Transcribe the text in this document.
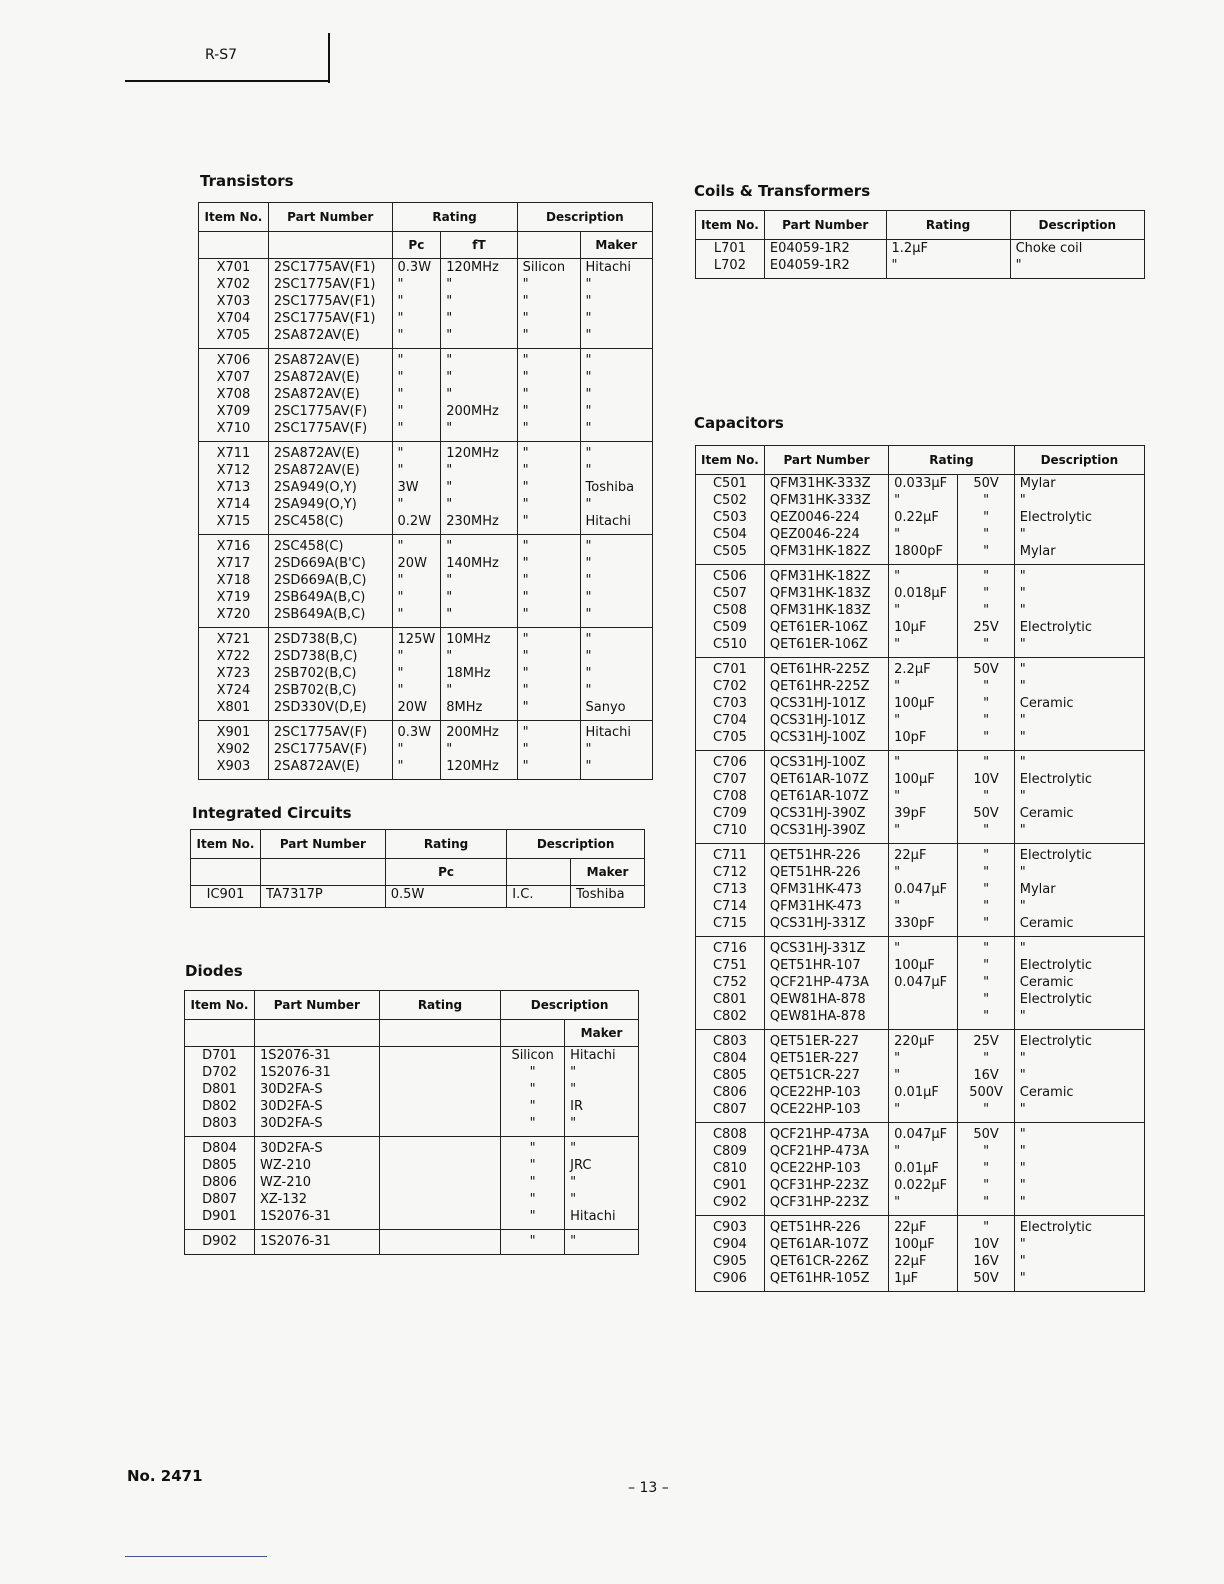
R-S7
Transistors
Item No.	Part Number	Rating		Description	
		Pc	fT		Maker
X701	2SC1775AV(F1)	0.3W	120MHz	Silicon	Hitachi
X702	2SC1775AV(F1)	"	"	"	"
X703	2SC1775AV(F1)	"	"	"	"
X704	2SC1775AV(F1)	"	"	"	"
X705	2SA872AV(E)	"	"	"	"
X706	2SA872AV(E)	"	"	"	"
X707	2SA872AV(E)	"	"	"	"
X708	2SA872AV(E)	"	"	"	"
X709	2SC1775AV(F)	"	200MHz	"	"
X710	2SC1775AV(F)	"	"	"	"
X711	2SA872AV(E)	"	120MHz	"	"
X712	2SA872AV(E)	"	"	"	"
X713	2SA949(O,Y)	3W	"	"	Toshiba
X714	2SA949(O,Y)	"	"	"	"
X715	2SC458(C)	0.2W	230MHz	"	Hitachi
X716	2SC458(C)	"	"	"	"
X717	2SD669A(B'C)	20W	140MHz	"	"
X718	2SD669A(B,C)	"	"	"	"
X719	2SB649A(B,C)	"	"	"	"
X720	2SB649A(B,C)	"	"	"	"
X721	2SD738(B,C)	125W	10MHz	"	"
X722	2SD738(B,C)	"	"	"	"
X723	2SB702(B,C)	"	18MHz	"	"
X724	2SB702(B,C)	"	"	"	"
X801	2SD330V(D,E)	20W	8MHz	"	Sanyo
X901	2SC1775AV(F)	0.3W	200MHz	"	Hitachi
X902	2SC1775AV(F)	"	"	"	"
X903	2SA872AV(E)	"	120MHz	"	"
Integrated Circuits
Item No.	Part Number	Rating	Description	
		Pc		Maker
IC901	TA7317P	0.5W	I.C.	Toshiba
Diodes
Item No.	Part Number	Rating	Description	
				Maker
D701	1S2076-31		Silicon	Hitachi
D702	1S2076-31		"	"
D801	30D2FA-S		"	"
D802	30D2FA-S		"	IR
D803	30D2FA-S		"	"
D804	30D2FA-S		"	"
D805	WZ-210		"	JRC
D806	WZ-210		"	"
D807	XZ-132		"	"
D901	1S2076-31		"	Hitachi
D902	1S2076-31		"	"
Coils & Transformers
Item No.	Part Number	Rating	Description
L701	E04059-1R2	1.2µF	Choke coil
L702	E04059-1R2	"	"
Capacitors
Item No.	Part Number	Rating		Description
C501	QFM31HK-333Z	0.033µF	50V	Mylar
C502	QFM31HK-333Z	"	"	"
C503	QEZ0046-224	0.22µF	"	Electrolytic
C504	QEZ0046-224	"	"	"
C505	QFM31HK-182Z	1800pF	"	Mylar
C506	QFM31HK-182Z	"	"	"
C507	QFM31HK-183Z	0.018µF	"	"
C508	QFM31HK-183Z	"	"	"
C509	QET61ER-106Z	10µF	25V	Electrolytic
C510	QET61ER-106Z	"	"	"
C701	QET61HR-225Z	2.2µF	50V	"
C702	QET61HR-225Z	"	"	"
C703	QCS31HJ-101Z	100µF	"	Ceramic
C704	QCS31HJ-101Z	"	"	"
C705	QCS31HJ-100Z	10pF	"	"
C706	QCS31HJ-100Z	"	"	"
C707	QET61AR-107Z	100µF	10V	Electrolytic
C708	QET61AR-107Z	"	"	"
C709	QCS31HJ-390Z	39pF	50V	Ceramic
C710	QCS31HJ-390Z	"	"	"
C711	QET51HR-226	22µF	"	Electrolytic
C712	QET51HR-226	"	"	"
C713	QFM31HK-473	0.047µF	"	Mylar
C714	QFM31HK-473	"	"	"
C715	QCS31HJ-331Z	330pF	"	Ceramic
C716	QCS31HJ-331Z	"	"	"
C751	QET51HR-107	100µF	"	Electrolytic
C752	QCF21HP-473A	0.047µF	"	Ceramic
C801	QEW81HA-878		"	Electrolytic
C802	QEW81HA-878		"	"
C803	QET51ER-227	220µF	25V	Electrolytic
C804	QET51ER-227	"	"	"
C805	QET51CR-227	"	16V	"
C806	QCE22HP-103	0.01µF	500V	Ceramic
C807	QCE22HP-103	"	"	"
C808	QCF21HP-473A	0.047µF	50V	"
C809	QCF21HP-473A	"	"	"
C810	QCE22HP-103	0.01µF	"	"
C901	QCF31HP-223Z	0.022µF	"	"
C902	QCF31HP-223Z	"	"	"
C903	QET51HR-226	22µF	"	Electrolytic
C904	QET61AR-107Z	100µF	10V	"
C905	QET61CR-226Z	22µF	16V	"
C906	QET61HR-105Z	1µF	50V	"
No. 2471
– 13 –
